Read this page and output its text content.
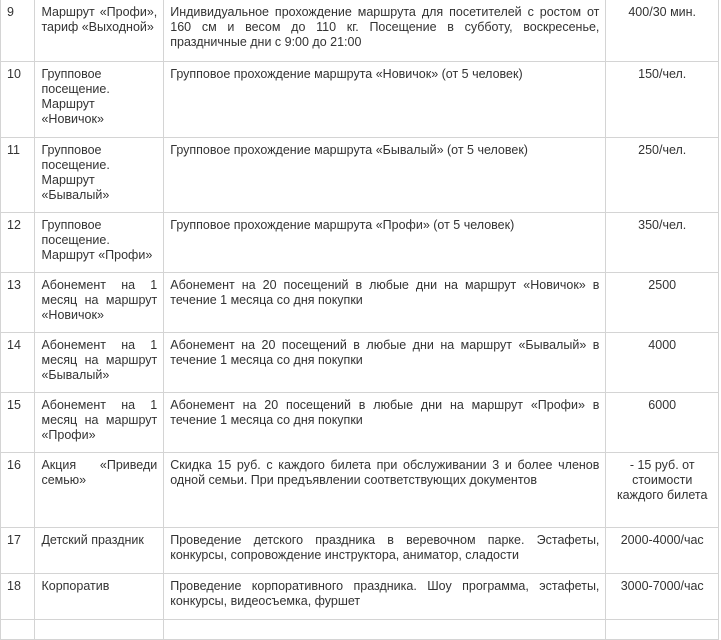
9	Маршрут «Профи», тариф «Выходной»	Индивидуальное прохождение маршрута для посетителей с ростом от 160 см и весом до 110 кг. Посещение в субботу, воскресенье, праздничные дни с 9:00 до 21:00	400/30 мин.
10	Групповое посещение. Маршрут «Новичок»	Групповое прохождение маршрута «Новичок» (от 5 человек)	150/чел.
11	Групповое посещение. Маршрут «Бывалый»	Групповое прохождение маршрута «Бывалый» (от 5 человек)	250/чел.
12	Групповое посещение. Маршрут «Профи»	Групповое прохождение маршрута «Профи» (от 5 человек)	350/чел.
13	Абонемент на 1 месяц на маршрут «Новичок»	Абонемент на 20 посещений в любые дни на маршрут «Новичок» в течение 1 месяца со дня покупки	2500
14	Абонемент на 1 месяц на маршрут «Бывалый»	Абонемент на 20 посещений в любые дни на маршрут «Бывалый» в течение 1 месяца со дня покупки	4000
15	Абонемент на 1 месяц на маршрут «Профи»	Абонемент на 20 посещений в любые дни на маршрут «Профи» в течение 1 месяца со дня покупки	6000
16	Акция «Приведи семью»	Скидка 15 руб. с каждого билета при обслуживании 3 и более членов одной семьи. При предъявлении соответствующих документов	- 15 руб. от стоимости каждого билета
17	Детский праздник	Проведение детского праздника в веревочном парке. Эстафеты, конкурсы, сопровождение инструктора, аниматор, сладости	2000-4000/час
18	Корпоратив	Проведение корпоративного праздника. Шоу программа, эстафеты, конкурсы, видеосъемка, фуршет	3000-7000/час
